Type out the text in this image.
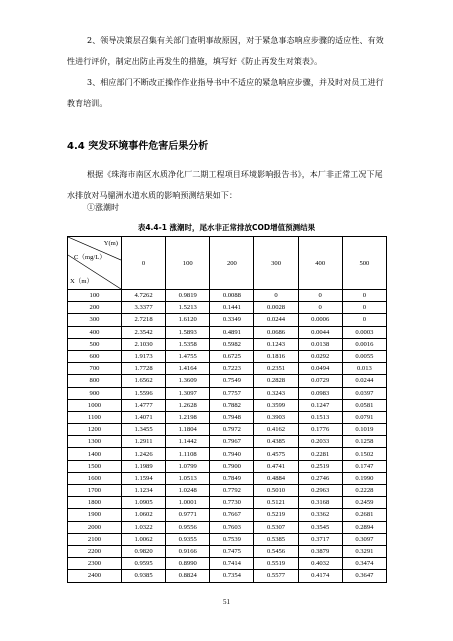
2、领导决策层召集有关部门查明事故原因，对于紧急事态响应步骤的适应性、有效性进行评价，制定出防止再发生的措施，填写好《防止再发生对策表》。
3、相应部门不断改正操作作业指导书中不适应的紧急响应步骤，并及时对员工进行教育培训。
4.4 突发环境事件危害后果分析
根据《珠海市南区水质净化厂二期工程项目环境影响报告书》，本厂非正常工况下尾水排放对马骝洲水道水质的影响预测结果如下：
①涨潮时
表4.4-1 涨潮时，尾水非正常排放COD增值预测结果
Y(m)
C（mg/L）
X（m）	0	100	200	300	400	500
100	4.7262	0.9819	0.0088	0	0	0
200	3.3377	1.5213	0.1441	0.0028	0	0
300	2.7218	1.6120	0.3349	0.0244	0.0006	0
400	2.3542	1.5893	0.4891	0.0686	0.0044	0.0003
500	2.1030	1.5358	0.5982	0.1243	0.0138	0.0016
600	1.9173	1.4755	0.6725	0.1816	0.0292	0.0055
700	1.7728	1.4164	0.7223	0.2351	0.0494	0.013
800	1.6562	1.3609	0.7549	0.2828	0.0729	0.0244
900	1.5596	1.3097	0.7757	0.3243	0.0983	0.0397
1000	1.4777	1.2628	0.7882	0.3599	0.1247	0.0581
1100	1.4071	1.2198	0.7948	0.3903	0.1513	0.0791
1200	1.3455	1.1804	0.7972	0.4162	0.1776	0.1019
1300	1.2911	1.1442	0.7967	0.4385	0.2033	0.1258
1400	1.2426	1.1108	0.7940	0.4575	0.2281	0.1502
1500	1.1989	1.0799	0.7900	0.4741	0.2519	0.1747
1600	1.1594	1.0513	0.7849	0.4884	0.2746	0.1990
1700	1.1234	1.0248	0.7792	0.5010	0.2963	0.2228
1800	1.0905	1.0001	0.7730	0.5121	0.3168	0.2459
1900	1.0602	0.9771	0.7667	0.5219	0.3362	0.2681
2000	1.0322	0.9556	0.7603	0.5307	0.3545	0.2894
2100	1.0062	0.9355	0.7539	0.5385	0.3717	0.3097
2200	0.9820	0.9166	0.7475	0.5456	0.3879	0.3291
2300	0.9595	0.8990	0.7414	0.5519	0.4032	0.3474
2400	0.9385	0.8824	0.7354	0.5577	0.4174	0.3647
51
